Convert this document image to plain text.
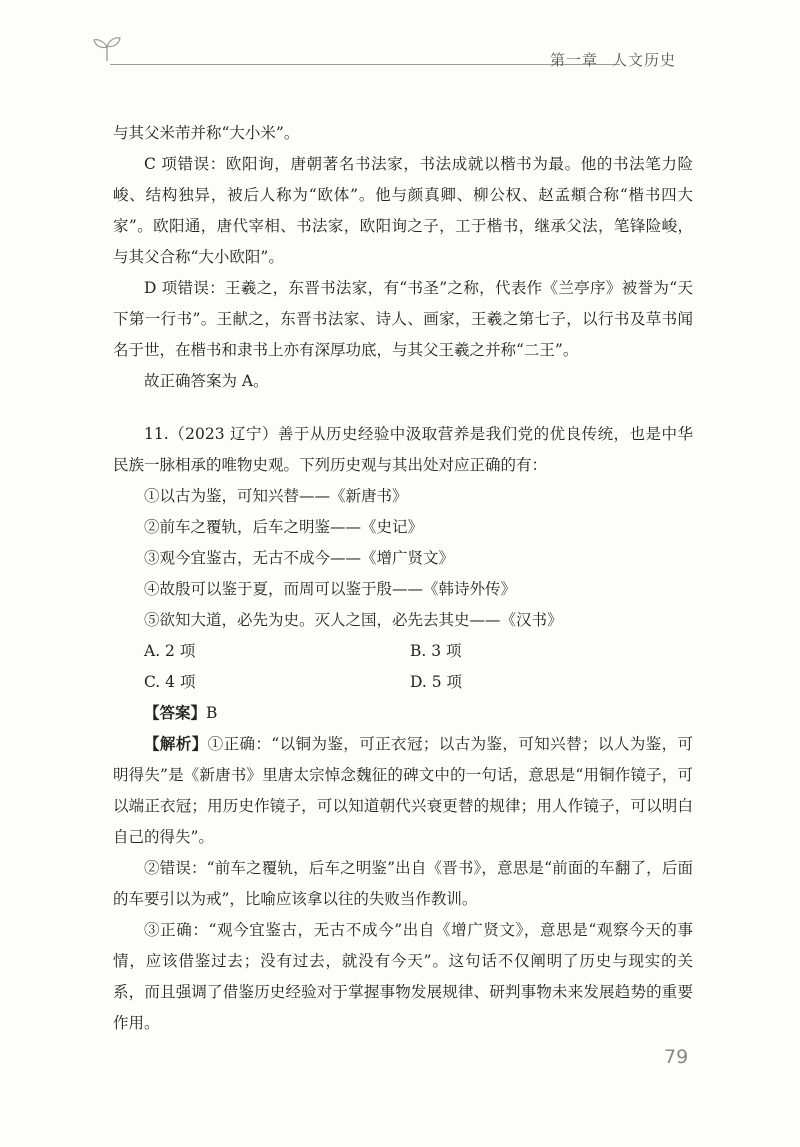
第一章 人文历史

与其父米芾并称“大小米”。

C 项错误：欧阳询，唐朝著名书法家，书法成就以楷书为最。他的书法笔力险峻、结构独异，被后人称为“欧体”。他与颜真卿、柳公权、赵孟頫合称“楷书四大家”。欧阳通，唐代宰相、书法家，欧阳询之子，工于楷书，继承父法，笔锋险峻，与其父合称“大小欧阳”。

D 项错误：王羲之，东晋书法家，有“书圣”之称，代表作《兰亭序》被誉为“天下第一行书”。王献之，东晋书法家、诗人、画家，王羲之第七子，以行书及草书闻名于世，在楷书和隶书上亦有深厚功底，与其父王羲之并称“二王”。

故正确答案为 A。

11.（2023 辽宁）善于从历史经验中汲取营养是我们党的优良传统，也是中华民族一脉相承的唯物史观。下列历史观与其出处对应正确的有：

①以古为鉴，可知兴替——《新唐书》

②前车之覆轨，后车之明鉴——《史记》

③观今宜鉴古，无古不成今——《增广贤文》

④故殷可以鉴于夏，而周可以鉴于殷——《韩诗外传》

⑤欲知大道，必先为史。灭人之国，必先去其史——《汉书》

A. 2 项	B. 3 项
C. 4 项	D. 5 项

【答案】B

【解析】①正确：“以铜为鉴，可正衣冠；以古为鉴，可知兴替；以人为鉴，可明得失”是《新唐书》里唐太宗悼念魏征的碑文中的一句话，意思是“用铜作镜子，可以端正衣冠；用历史作镜子，可以知道朝代兴衰更替的规律；用人作镜子，可以明白自己的得失”。

②错误：“前车之覆轨，后车之明鉴”出自《晋书》，意思是“前面的车翻了，后面的车要引以为戒”，比喻应该拿以往的失败当作教训。

③正确：“观今宜鉴古，无古不成今”出自《增广贤文》，意思是“观察今天的事情，应该借鉴过去；没有过去，就没有今天”。这句话不仅阐明了历史与现实的关系，而且强调了借鉴历史经验对于掌握事物发展规律、研判事物未来发展趋势的重要作用。

79
